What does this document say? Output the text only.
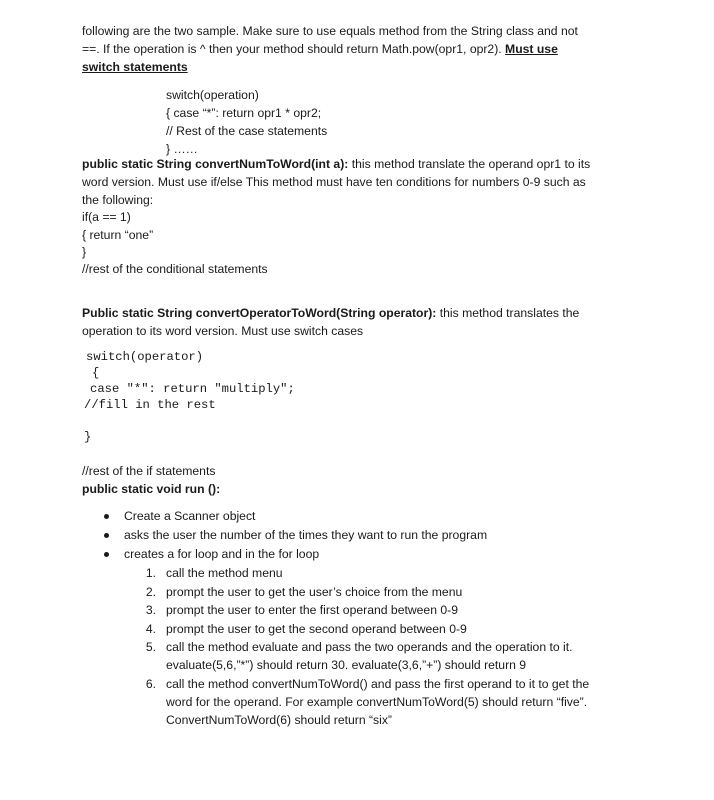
following are the two sample. Make sure to use equals method from the String class and not
==. If the operation is ^ then your method should return Math.pow(opr1, opr2). Must use
switch statements
switch(operation)
{ case “*”: return opr1 * opr2;
// Rest of the case statements
} ……
public static String convertNumToWord(int a): this method translate the operand opr1 to its
word version. Must use if/else This method must have ten conditions for numbers 0-9 such as
the following:
if(a == 1)
{ return “one”
}
//rest of the conditional statements
Public static String convertOperatorToWord(String operator): this method translates the
operation to its word version. Must use switch cases
switch(operator)
{
case "*": return "multiply";
//fill in the rest
}
//rest of the if statements
public static void run ():
Create a Scanner object
asks the user the number of the times they want to run the program
creates a for loop and in the for loop
1. call the method menu
2. prompt the user to get the user’s choice from the menu
3. prompt the user to enter the first operand between 0-9
4. prompt the user to get the second operand between 0-9
5. call the method evaluate and pass the two operands and the operation to it.
evaluate(5,6,”*”) should return 30. evaluate(3,6,”+”) should return 9
6. call the method convertNumToWord() and pass the first operand to it to get the
word for the operand. For example convertNumToWord(5) should return “five”.
ConvertNumToWord(6) should return “six”
